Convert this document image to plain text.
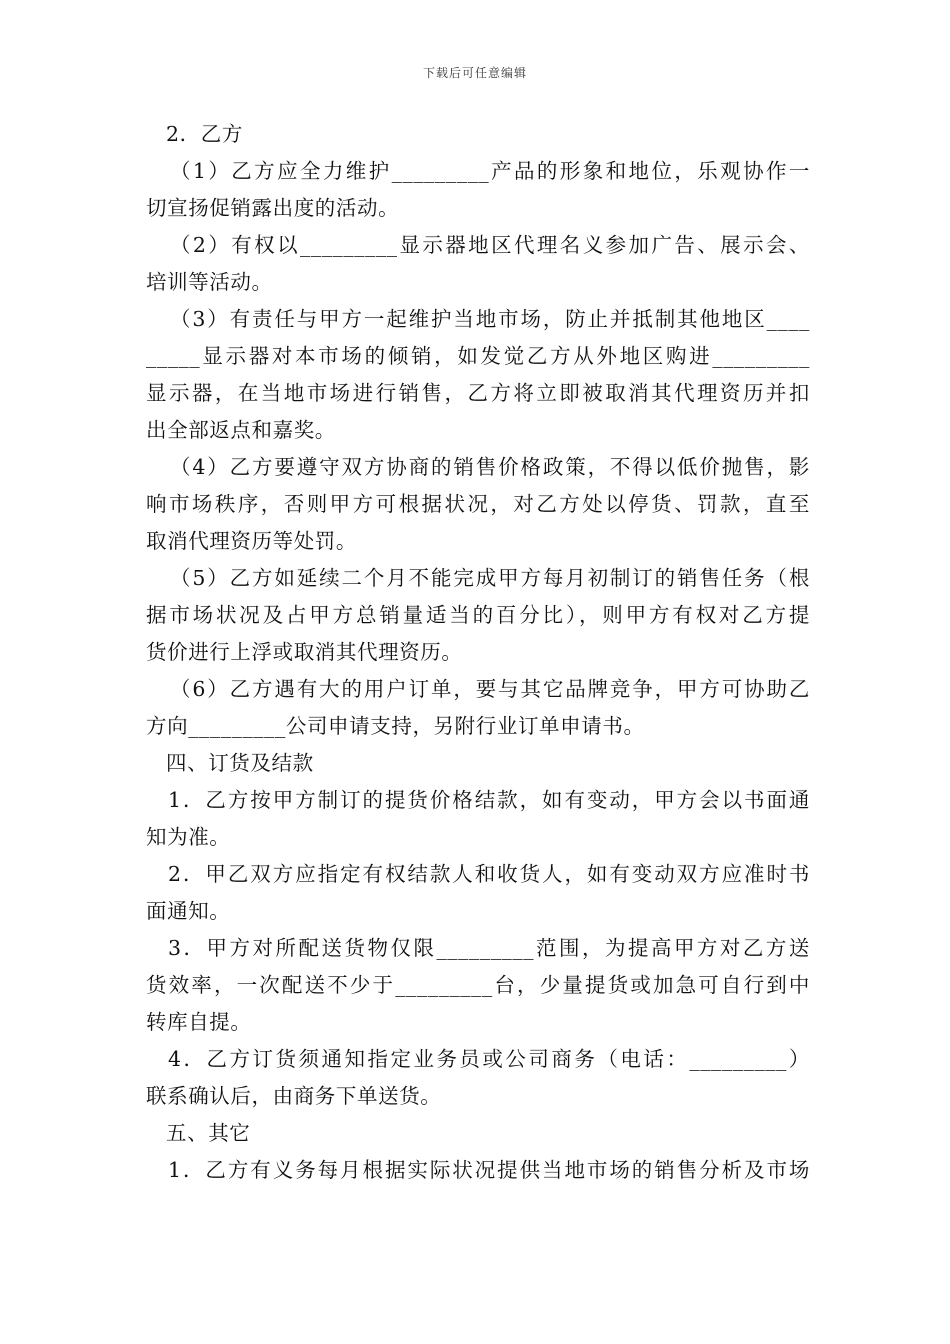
下载后可任意编辑
2．乙方
（1）乙方应全力维护_________产品的形象和地位，乐观协作一
切宣扬促销露出度的活动。
（2）有权以_________显示器地区代理名义参加广告、展示会、
培训等活动。
（3）有责任与甲方一起维护当地市场，防止并抵制其他地区____
_____显示器对本市场的倾销，如发觉乙方从外地区购进_________
显示器，在当地市场进行销售，乙方将立即被取消其代理资历并扣
出全部返点和嘉奖。
（4）乙方要遵守双方协商的销售价格政策，不得以低价抛售，影
响市场秩序，否则甲方可根据状况，对乙方处以停货、罚款，直至
取消代理资历等处罚。
（5）乙方如延续二个月不能完成甲方每月初制订的销售任务（根
据市场状况及占甲方总销量适当的百分比），则甲方有权对乙方提
货价进行上浮或取消其代理资历。
（6）乙方遇有大的用户订单，要与其它品牌竞争，甲方可协助乙
方向_________公司申请支持，另附行业订单申请书。
四、订货及结款
1．乙方按甲方制订的提货价格结款，如有变动，甲方会以书面通
知为准。
2．甲乙双方应指定有权结款人和收货人，如有变动双方应准时书
面通知。
3．甲方对所配送货物仅限_________范围，为提高甲方对乙方送
货效率，一次配送不少于_________台，少量提货或加急可自行到中
转库自提。
4．乙方订货须通知指定业务员或公司商务（电话：_________）
联系确认后，由商务下单送货。
五、其它
1．乙方有义务每月根据实际状况提供当地市场的销售分析及市场
